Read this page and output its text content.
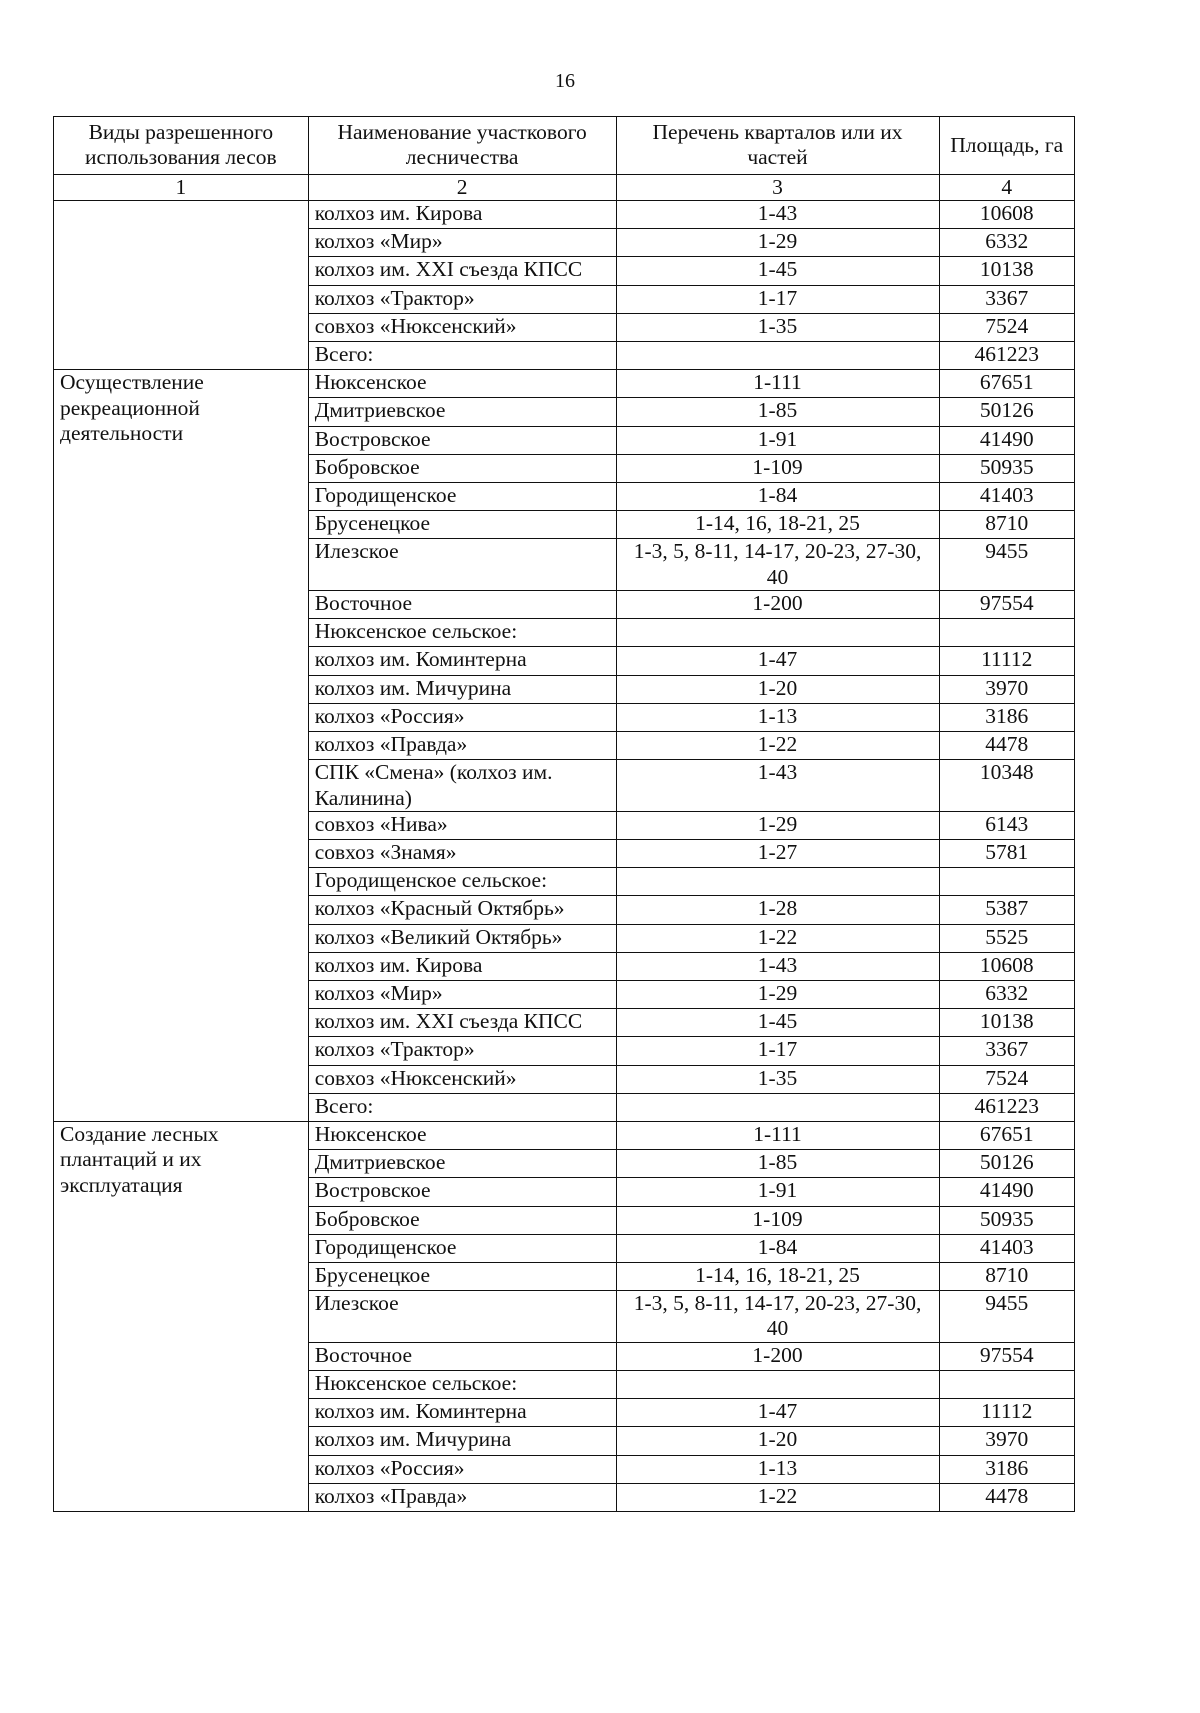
16
Виды разрешенного использования лесов	Наименование участкового лесничества	Перечень кварталов или их частей	Площадь, га
1	2	3	4
	колхоз им. Кирова	1-43	10608
	колхоз «Мир»	1-29	6332
	колхоз им. XXI съезда КПСС	1-45	10138
	колхоз «Трактор»	1-17	3367
	совхоз «Нюксенский»	1-35	7524
	Всего:		461223
Осуществление рекреационной деятельности	Нюксенское	1-111	67651
	Дмитриевское	1-85	50126
	Востровское	1-91	41490
	Бобровское	1-109	50935
	Городищенское	1-84	41403
	Брусенецкое	1-14, 16, 18-21, 25	8710
	Илезское	1-3, 5, 8-11, 14-17, 20-23, 27-30, 40	9455
	Восточное	1-200	97554
	Нюксенское сельское:		
	колхоз им. Коминтерна	1-47	11112
	колхоз им. Мичурина	1-20	3970
	колхоз «Россия»	1-13	3186
	колхоз «Правда»	1-22	4478
	СПК «Смена» (колхоз им. Калинина)	1-43	10348
	совхоз «Нива»	1-29	6143
	совхоз «Знамя»	1-27	5781
	Городищенское сельское:		
	колхоз «Красный Октябрь»	1-28	5387
	колхоз «Великий Октябрь»	1-22	5525
	колхоз им. Кирова	1-43	10608
	колхоз «Мир»	1-29	6332
	колхоз им. XXI съезда КПСС	1-45	10138
	колхоз «Трактор»	1-17	3367
	совхоз «Нюксенский»	1-35	7524
	Всего:		461223
Создание лесных плантаций и их эксплуатация	Нюксенское	1-111	67651
	Дмитриевское	1-85	50126
	Востровское	1-91	41490
	Бобровское	1-109	50935
	Городищенское	1-84	41403
	Брусенецкое	1-14, 16, 18-21, 25	8710
	Илезское	1-3, 5, 8-11, 14-17, 20-23, 27-30, 40	9455
	Восточное	1-200	97554
	Нюксенское сельское:		
	колхоз им. Коминтерна	1-47	11112
	колхоз им. Мичурина	1-20	3970
	колхоз «Россия»	1-13	3186
	колхоз «Правда»	1-22	4478
